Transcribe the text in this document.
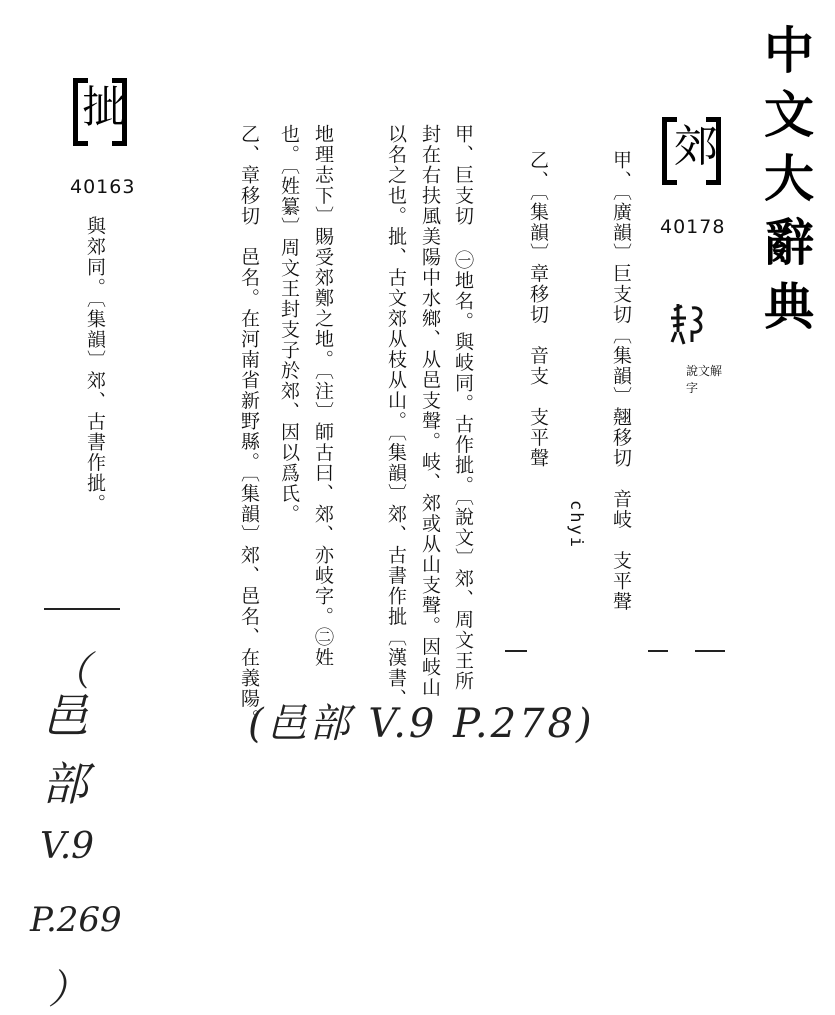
中文大辭典
郊
40178
說文解字
chyi 甲、〔廣韻〕巨支切〔集韻〕翹移切　音岐　支平聲
乙、〔集韻〕章移切　音支　支平聲
甲、巨支切 ㊀地名。與岐同。古作㧗。〔說文〕郊、周文王所
封在右扶風美陽中水鄉、从邑支聲。岐、郊或从山支聲。因岐山
以名之也。㧗、古文郊从枝从山。〔集韻〕郊、古書作㧗〔漢書、
地理志下〕賜受郊鄭之地。〔注〕師古曰、郊、亦岐字。㊁姓
也。〔姓纂〕周文王封支子於郊、因以爲氏。
乙、章移切　邑名。在河南省新野縣。〔集韻〕郊、邑名、在義陽。
㧗
40163
與郊同。〔集韻〕郊、古書作㧗。
（
邑
部
V.9
P.269
）
(邑部 V.9 P.278)
